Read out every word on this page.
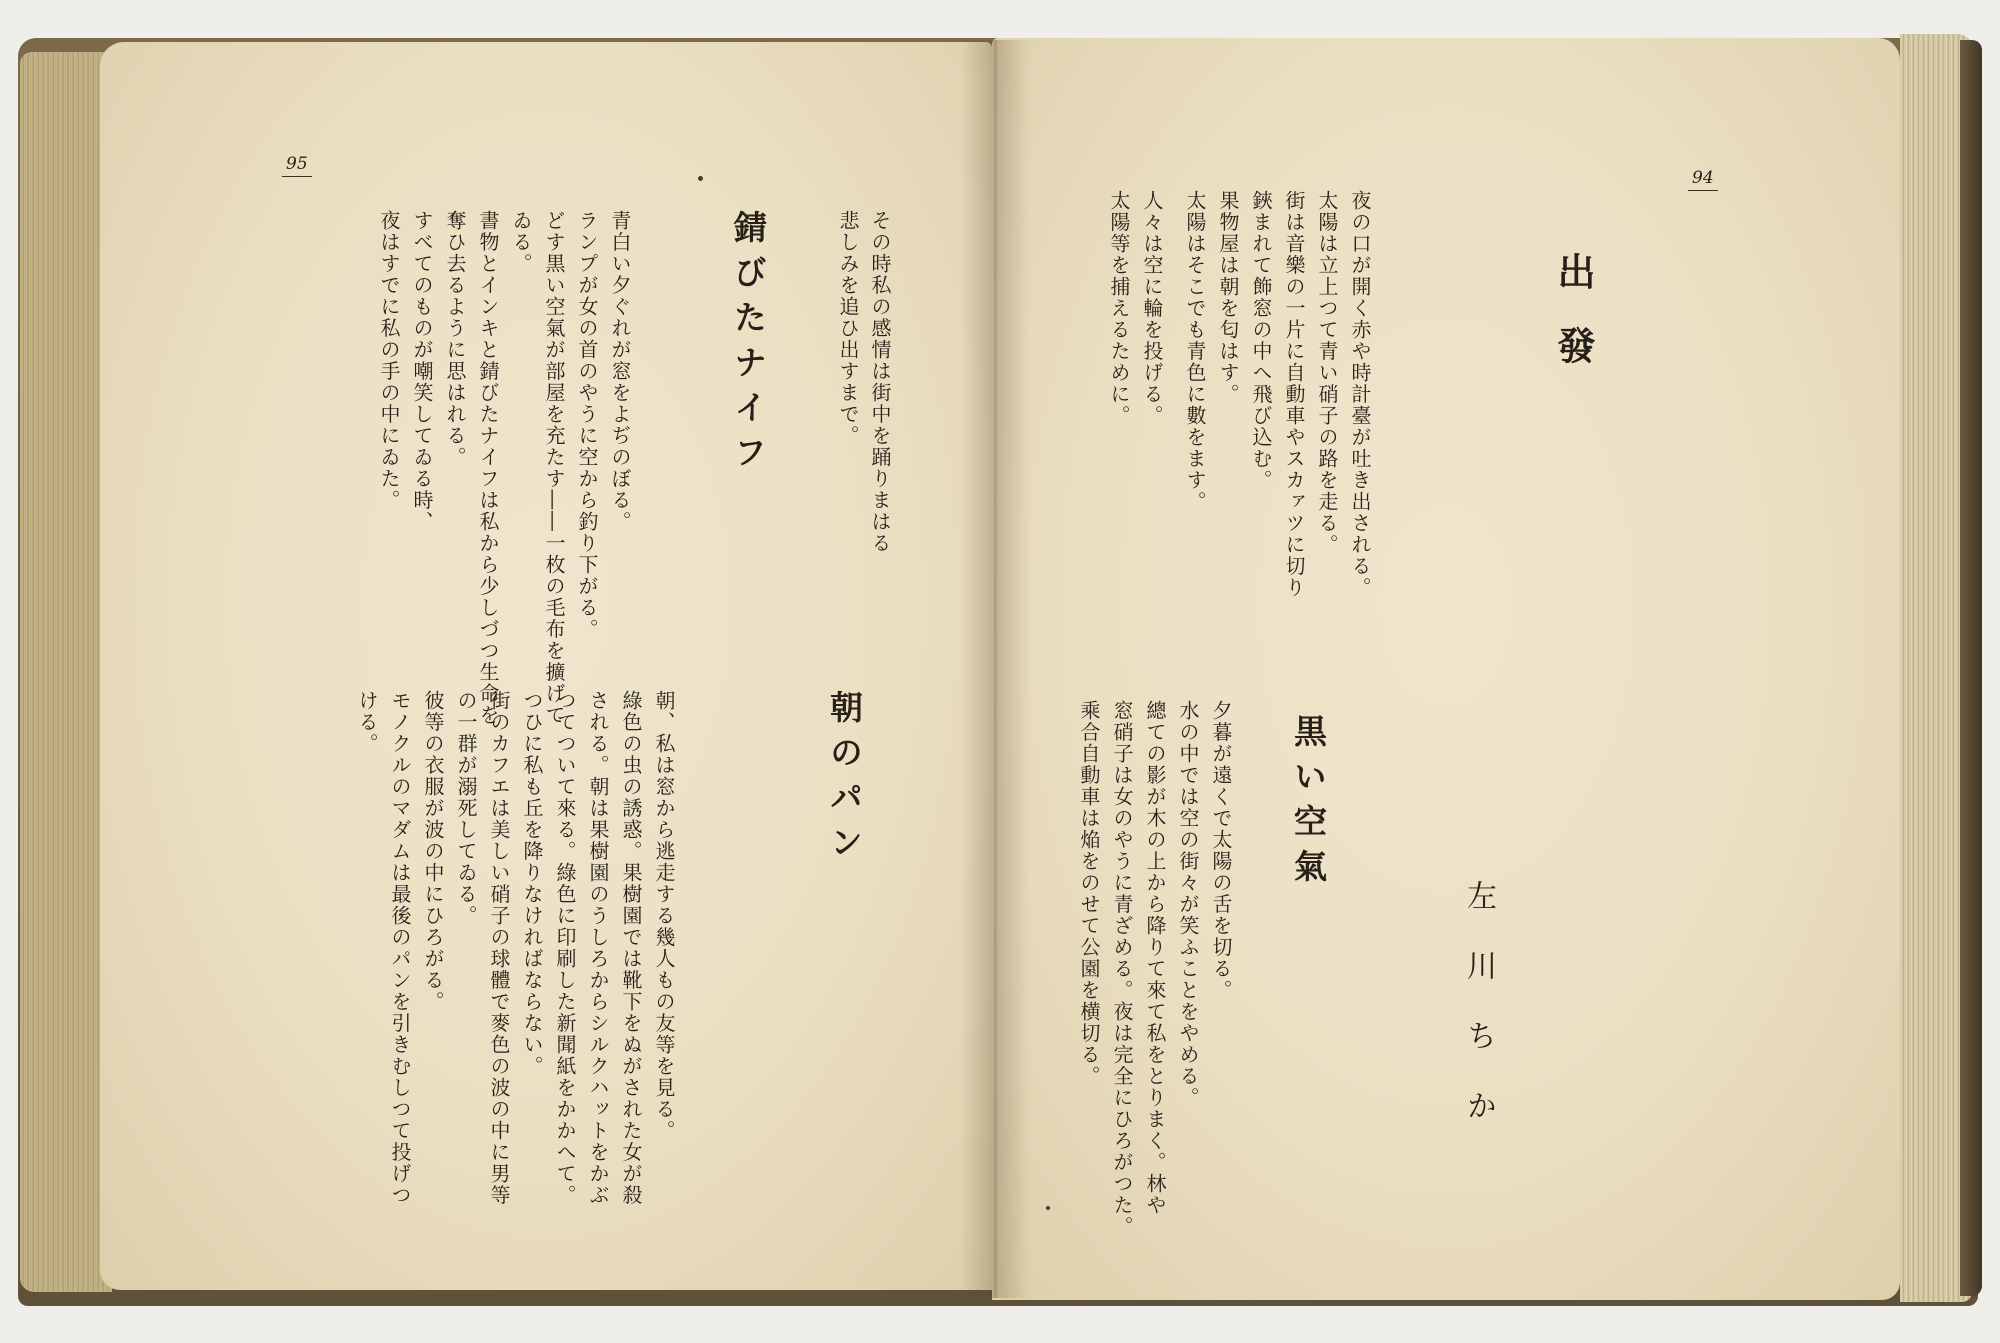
95
その時私の感情は街中を踊りまはる
悲しみを追ひ出すまで。
錆びたナイフ
青白い夕ぐれが窓をよぢのぼる。
ランプが女の首のやうに空から釣り下がる。
どす黒い空氣が部屋を充たす――一枚の毛布を擴げて
ゐる。
書物とインキと錆びたナイフは私から少しづつ生命を
奪ひ去るように思はれる。
すべてのものが嘲笑してゐる時、
夜はすでに私の手の中にゐた。
朝のパン
朝、私は窓から逃走する幾人もの友等を見る。
綠色の虫の誘惑。果樹園では靴下をぬがされた女が殺
される。朝は果樹園のうしろからシルクハットをかぶ
つてついて來る。綠色に印刷した新聞紙をかかへて。
つひに私も丘を降りなければならない。
街のカフエは美しい硝子の球體で麥色の波の中に男等
の一群が溺死してゐる。
彼等の衣服が波の中にひろがる。
モノクルのマダムは最後のパンを引きむしつて投げつ
ける。
94
出發
夜の口が開く赤や時計臺が吐き出される。
太陽は立上つて青い硝子の路を走る。
街は音樂の一片に自動車やスカァツに切り
鋏まれて飾窓の中へ飛び込む。
果物屋は朝を匂はす。
太陽はそこでも青色に數をます。
人々は空に輪を投げる。
太陽等を捕えるために。
黒い空氣
夕暮が遠くで太陽の舌を切る。
水の中では空の街々が笑ふことをやめる。
總ての影が木の上から降りて來て私をとりまく。林や
窓硝子は女のやうに青ざめる。夜は完全にひろがつた。
乘合自動車は焔をのせて公園を横切る。	左川ちか
